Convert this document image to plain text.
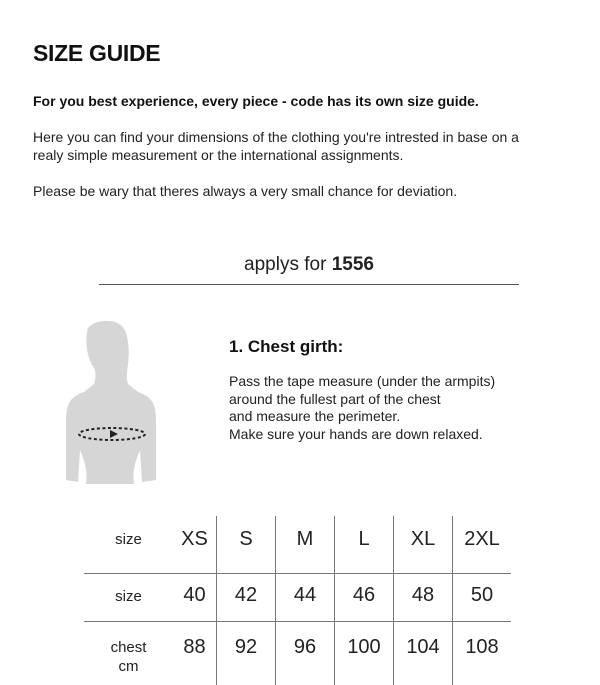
SIZE GUIDE
For you best experience, every piece - code has its own size guide.
Here you can find your dimensions of the clothing you're intrested in base on a
realy simple measurement or the international assignments.
Please be wary that theres always a very small chance for deviation.
applys for 1556
1. Chest girth:
Pass the tape measure (under the armpits)
around the fullest part of the chest
and measure the perimeter.
Make sure your hands are down relaxed.
size	XS	S	M	L	XL	2XL
size	40	42	44	46	48	50

chest
cm	88	92	96	100	104	108
